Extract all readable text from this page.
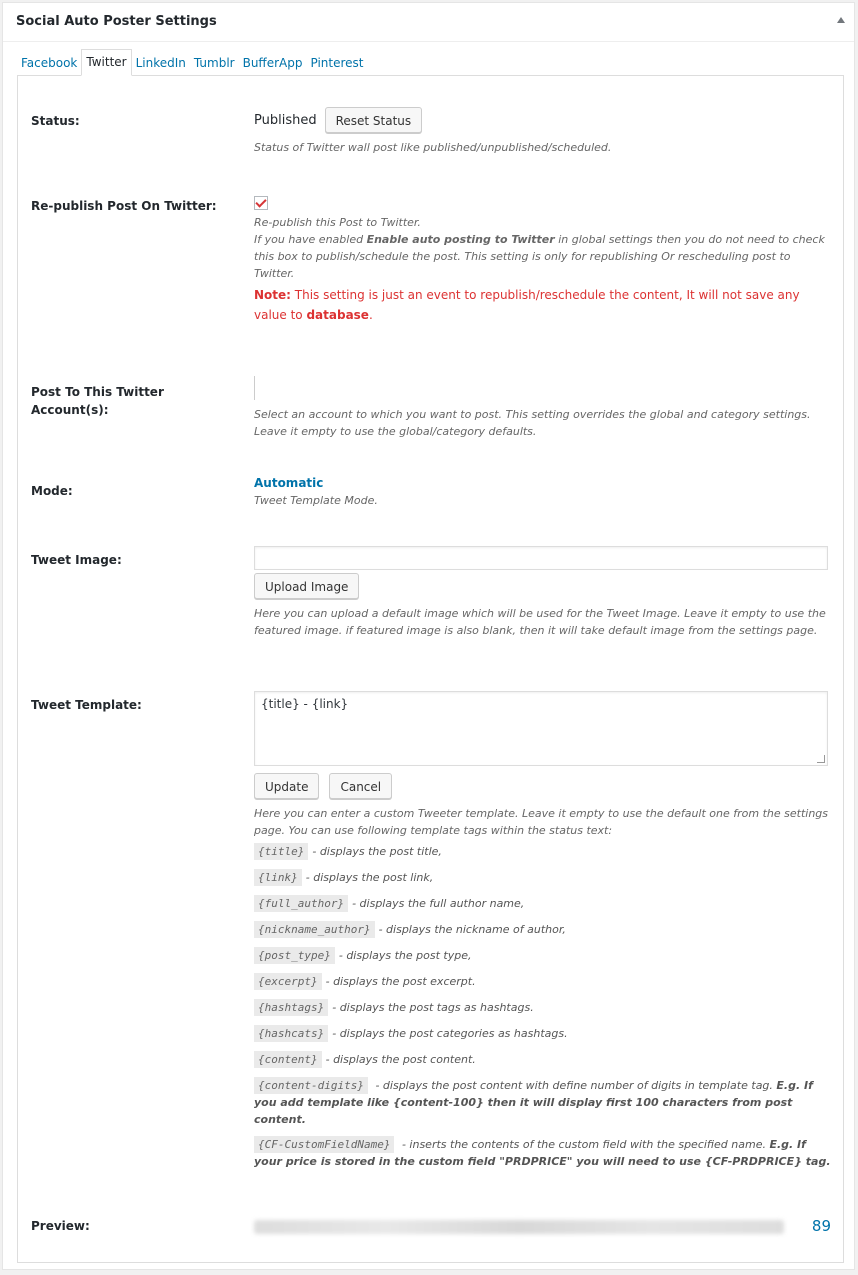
Social Auto Poster Settings
Facebook Twitter LinkedIn Tumblr BufferApp Pinterest
Status:	Published	Reset Status
Status of Twitter wall post like published/unpublished/scheduled.
Re-publish Post On Twitter:
Re-publish this Post to Twitter.
If you have enabled Enable auto posting to Twitter in global settings then you do not need to check this box to publish/schedule the post. This setting is only for republishing Or rescheduling post to Twitter.
Note: This setting is just an event to republish/reschedule the content, It will not save any value to database.
Post To This Twitter Account(s):	Select an account to which you want to post. This setting overrides the global and category settings. Leave it empty to use the global/category defaults.
Mode:
Automatic
Tweet Template Mode.
Tweet Image:
Upload Image
Here you can upload a default image which will be used for the Tweet Image. Leave it empty to use the featured image. if featured image is also blank, then it will take default image from the settings page.
Tweet Template:	{title} - {link}
Update	Cancel
Here you can enter a custom Tweeter template. Leave it empty to use the default one from the settings page. You can use following template tags within the status text:
{title} - displays the post title,
{link} - displays the post link,
{full_author} - displays the full author name,
{nickname_author} - displays the nickname of author,
{post_type} - displays the post type,
{excerpt} - displays the post excerpt.
{hashtags} - displays the post tags as hashtags.
{hashcats} - displays the post categories as hashtags.
{content} - displays the post content.
{content-digits} - displays the post content with define number of digits in template tag. E.g. If you add template like {content-100} then it will display first 100 characters from post content.
{CF-CustomFieldName} - inserts the contents of the custom field with the specified name. E.g. If your price is stored in the custom field "PRDPRICE" you will need to use {CF-PRDPRICE} tag.
Preview:	89
